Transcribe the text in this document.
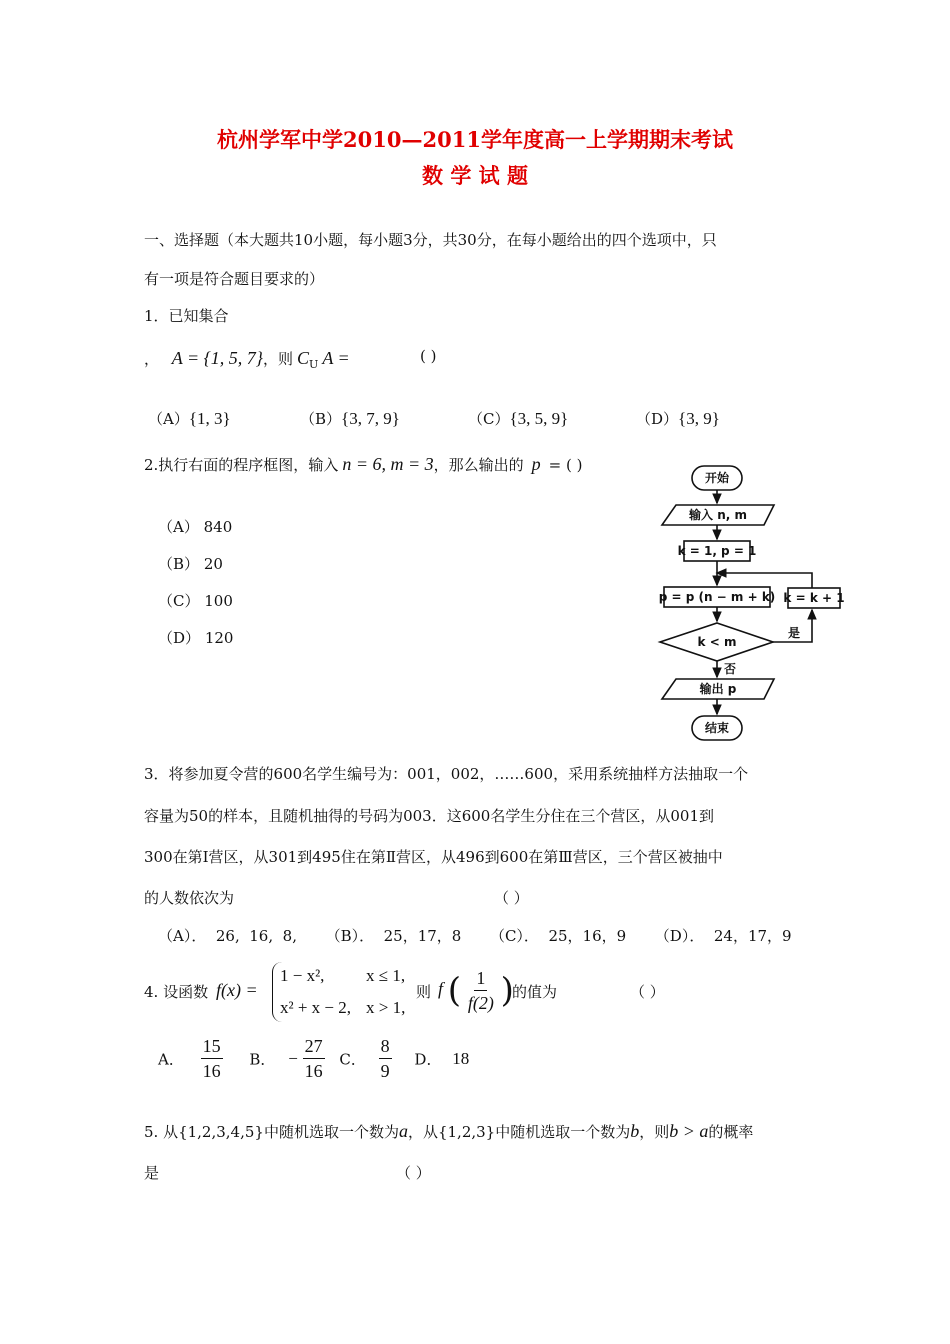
杭州学军中学2010—2011学年度高一上学期期末考试
数 学 试 题
一、选择题（本大题共10小题，每小题3分，共30分，在每小题给出的四个选项中，只
有一项是符合题目要求的）
1．已知集合
， A = {1, 5, 7}，则 $C_U$ A =	( )
（A）{1, 3}	（B）{3, 7, 9}	（C）{3, 5, 9}	（D）{3, 9}
2.执行右面的程序框图，输入 n = 6, m = 3，那么输出的 p = ( )
（A） 840
（B） 20
（C） 100
（D） 120
开始
输入 n, m
k = 1, p = 1
p = p (n − m + k) k = k + 1
k < m
是
否
输出 p
结束
3．将参加夏令营的600名学生编号为：001，002，……600，采用系统抽样方法抽取一个
容量为50的样本，且随机抽得的号码为003．这600名学生分住在三个营区，从001到
300在第Ⅰ营区，从301到495住在第Ⅱ营区，从496到600在第Ⅲ营区，三个营区被抽中
的人数依次为	（ ）
（A）．  26,  16,  8,      （B）．  25，17，8      （C）．  25，16，9      （D）．  24，17，9
4. 设函数 f(x) =
1 − x², x ≤ 1,
x² + x − 2, x > 1,
则 f ( $\frac{1}{f(2)}$ )
的值为	（ ）
A． $\frac{15}{16}$ B． − $\frac{27}{16}$ C． $\frac{8}{9}$ D． 18
5. 从{1,2,3,4,5}中随机选取一个数为a，从{1,2,3}中随机选取一个数为b，则b > a的概率
是	（ ）
